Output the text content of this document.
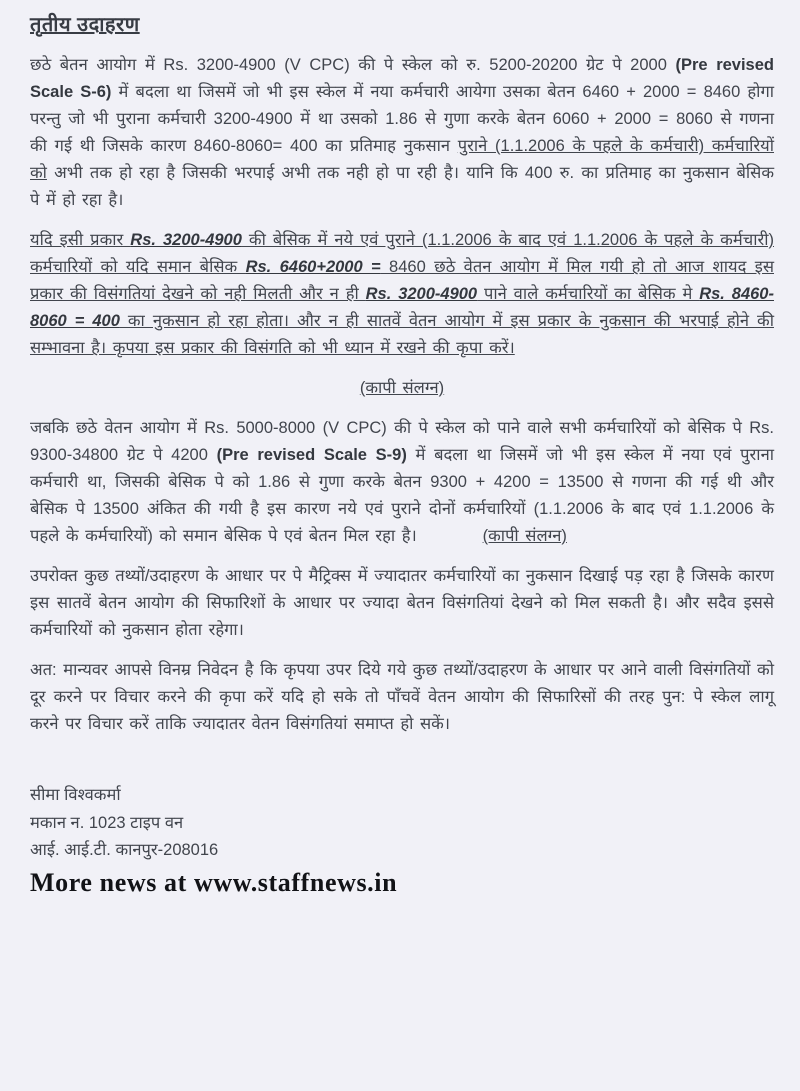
तृतीय उदाहरण
छठे बेतन आयोग में Rs. 3200-4900 (V CPC) की पे स्केल को रु. 5200-20200 ग्रेट पे 2000 (Pre revised Scale S-6) में बदला था जिसमें जो भी इस स्केल में नया कर्मचारी आयेगा उसका बेतन 6460 + 2000 = 8460 होगा परन्तु जो भी पुराना कर्मचारी 3200-4900 में था उसको 1.86 से गुणा करके बेतन 6060 + 2000 = 8060 से गणना की गई थी जिसके कारण 8460-8060= 400 का प्रतिमाह नुकसान पुराने (1.1.2006 के पहले के कर्मचारी) कर्मचारियों को अभी तक हो रहा है जिसकी भरपाई अभी तक नही हो पा रही है। यानि कि 400 रु. का प्रतिमाह का नुकसान बेसिक पे में हो रहा है।
यदि इसी प्रकार Rs. 3200-4900 की बेसिक में नये एवं पुराने (1.1.2006 के बाद एवं 1.1.2006 के पहले के कर्मचारी) कर्मचारियों को यदि समान बेसिक Rs. 6460+2000 = 8460 छठे वेतन आयोग में मिल गयी हो तो आज शायद इस प्रकार की विसंगतियां देखने को नही मिलती और न ही Rs. 3200-4900 पाने वाले कर्मचारियों का बेसिक मे Rs. 8460-8060 = 400 का नुकसान हो रहा होता। और न ही सातवें वेतन आयोग में इस प्रकार के नुकसान की भरपाई होने की सम्भावना है। कृपया इस प्रकार की विसंगति को भी ध्यान में रखने की कृपा करें।
(कापी संलग्न)
जबकि छठे वेतन आयोग में Rs. 5000-8000 (V CPC) की पे स्केल को पाने वाले सभी कर्मचारियों को बेसिक पे Rs. 9300-34800 ग्रेट पे 4200 (Pre revised Scale S-9) में बदला था जिसमें जो भी इस स्केल में नया एवं पुराना कर्मचारी था, जिसकी बेसिक पे को 1.86 से गुणा करके बेतन 9300 + 4200 = 13500 से गणना की गई थी और बेसिक पे 13500 अंकित की गयी है इस कारण नये एवं पुराने दोनों कर्मचारियों (1.1.2006 के बाद एवं 1.1.2006 के पहले के कर्मचारियों) को समान बेसिक पे एवं बेतन मिल रहा है।	(कापी संलग्न)
उपरोक्त कुछ तथ्यों/उदाहरण के आधार पर पे मैट्रिक्स में ज्यादातर कर्मचारियों का नुकसान दिखाई पड़ रहा है जिसके कारण इस सातवें बेतन आयोग की सिफारिशों के आधार पर ज्यादा बेतन विसंगतियां देखने को मिल सकती है। और सदैव इससे कर्मचारियों को नुकसान होता रहेगा।
अत: मान्यवर आपसे विनम्र निवेदन है कि कृपया उपर दिये गये कुछ तथ्यों/उदाहरण के आधार पर आने वाली विसंगतियों को दूर करने पर विचार करने की कृपा करें यदि हो सके तो पाँचवें वेतन आयोग की सिफारिसों की तरह पुन: पे स्केल लागू करने पर विचार करें ताकि ज्यादातर वेतन विसंगतियां समाप्त हो सकें।
सीमा विश्वकर्मा
मकान न. 1023 टाइप वन
आई. आई.टी. कानपुर-208016
More news at www.staffnews.in
